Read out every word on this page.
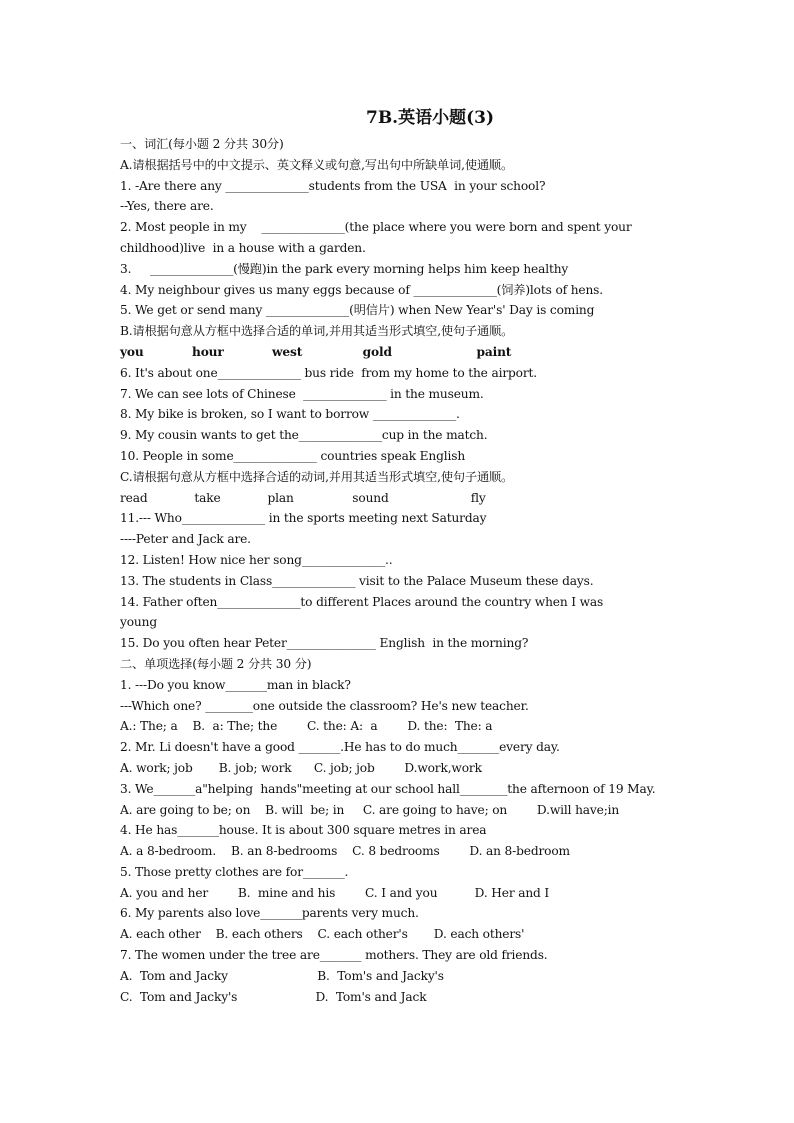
7B.英语小题(3)
一、词汇(每小题 2 分共 30分)
A.请根据括号中的中文提示、英文释义或句意,写出句中所缺单词,使通顺。
1. -Are there any ______________students from the USA  in your school?
--Yes, there are.
2. Most people in my    ______________(the place where you were born and spent your
childhood)live  in a house with a garden.
3.     ______________(慢跑)in the park every morning helps him keep healthy
4. My neighbour gives us many eggs because of ______________(饲养)lots of hens.
5. We get or send many ______________(明信片) when New Year's' Day is coming
B.请根据句意从方框中选择合适的单词,并用其适当形式填空,使句子通顺。
you    hour    west     gold       paint
6. It's about one______________ bus ride  from my home to the airport.
7. We can see lots of Chinese  ______________ in the museum.
8. My bike is broken, so I want to borrow ______________.
9. My cousin wants to get the______________cup in the match.
10. People in some______________ countries speak English
C.请根据句意从方框中选择合适的动词,并用其适当形式填空,使句子通顺。
read    take    plan     sound       fly
11.--- Who______________ in the sports meeting next Saturday
----Peter and Jack are.
12. Listen! How nice her song______________..
13. The students in Class______________ visit to the Palace Museum these days.
14. Father often______________to different Places around the country when I was
young
15. Do you often hear Peter_______________ English  in the morning?
二、单项选择(每小题 2 分共 30 分)
1. ---Do you know_______man in black?
---Which one? ________one outside the classroom? He's new teacher.
A.: The; a    B.  a: The; the        C. the: A:  a        D. the:  The: a
2. Mr. Li doesn't have a good _______.He has to do much_______every day.
A. work; job       B. job; work      C. job; job        D.work,work
3. We_______a"helping  hands"meeting at our school hall________the afternoon of 19 May.
A. are going to be; on    B. will  be; in     C. are going to have; on        D.will have;in
4. He has_______house. It is about 300 square metres in area
A. a 8-bedroom.    B. an 8-bedrooms    C. 8 bedrooms        D. an 8-bedroom
5. Those pretty clothes are for_______.
A. you and her        B.  mine and his        C. I and you          D. Her and I
6. My parents also love_______parents very much.
A. each other    B. each others    C. each other's       D. each others'
7. The women under the tree are_______ mothers. They are old friends.
A.  Tom and Jacky                        B.  Tom's and Jacky's
C.  Tom and Jacky's                     D.  Tom's and Jack
